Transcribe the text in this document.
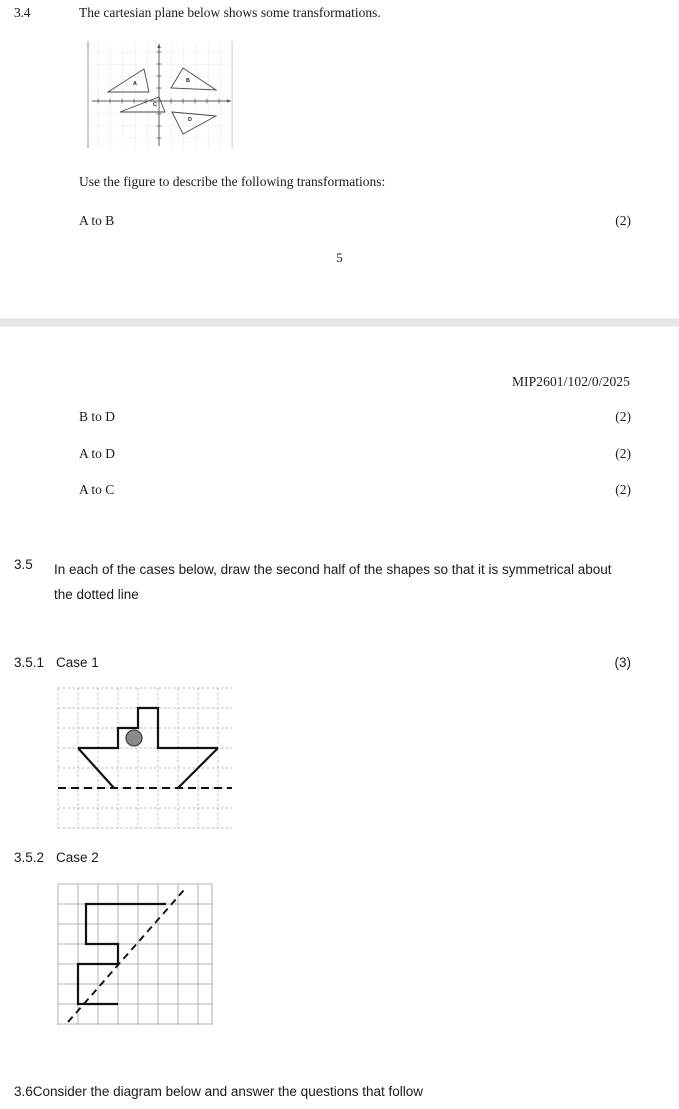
3.4	The cartesian plane below shows some transformations.
A	B
C
D
Use the figure to describe the following transformations:
A to B	(2)
5
MIP2601/102/0/2025
B to D	(2)
A to D	(2)
A to C	(2)
3.5 In each of the cases below, draw the second half of the shapes so that it is symmetrical about the dotted line
3.5.1 Case 1	(3)
3.5.2 Case 2
3.6Consider the diagram below and answer the questions that follow
